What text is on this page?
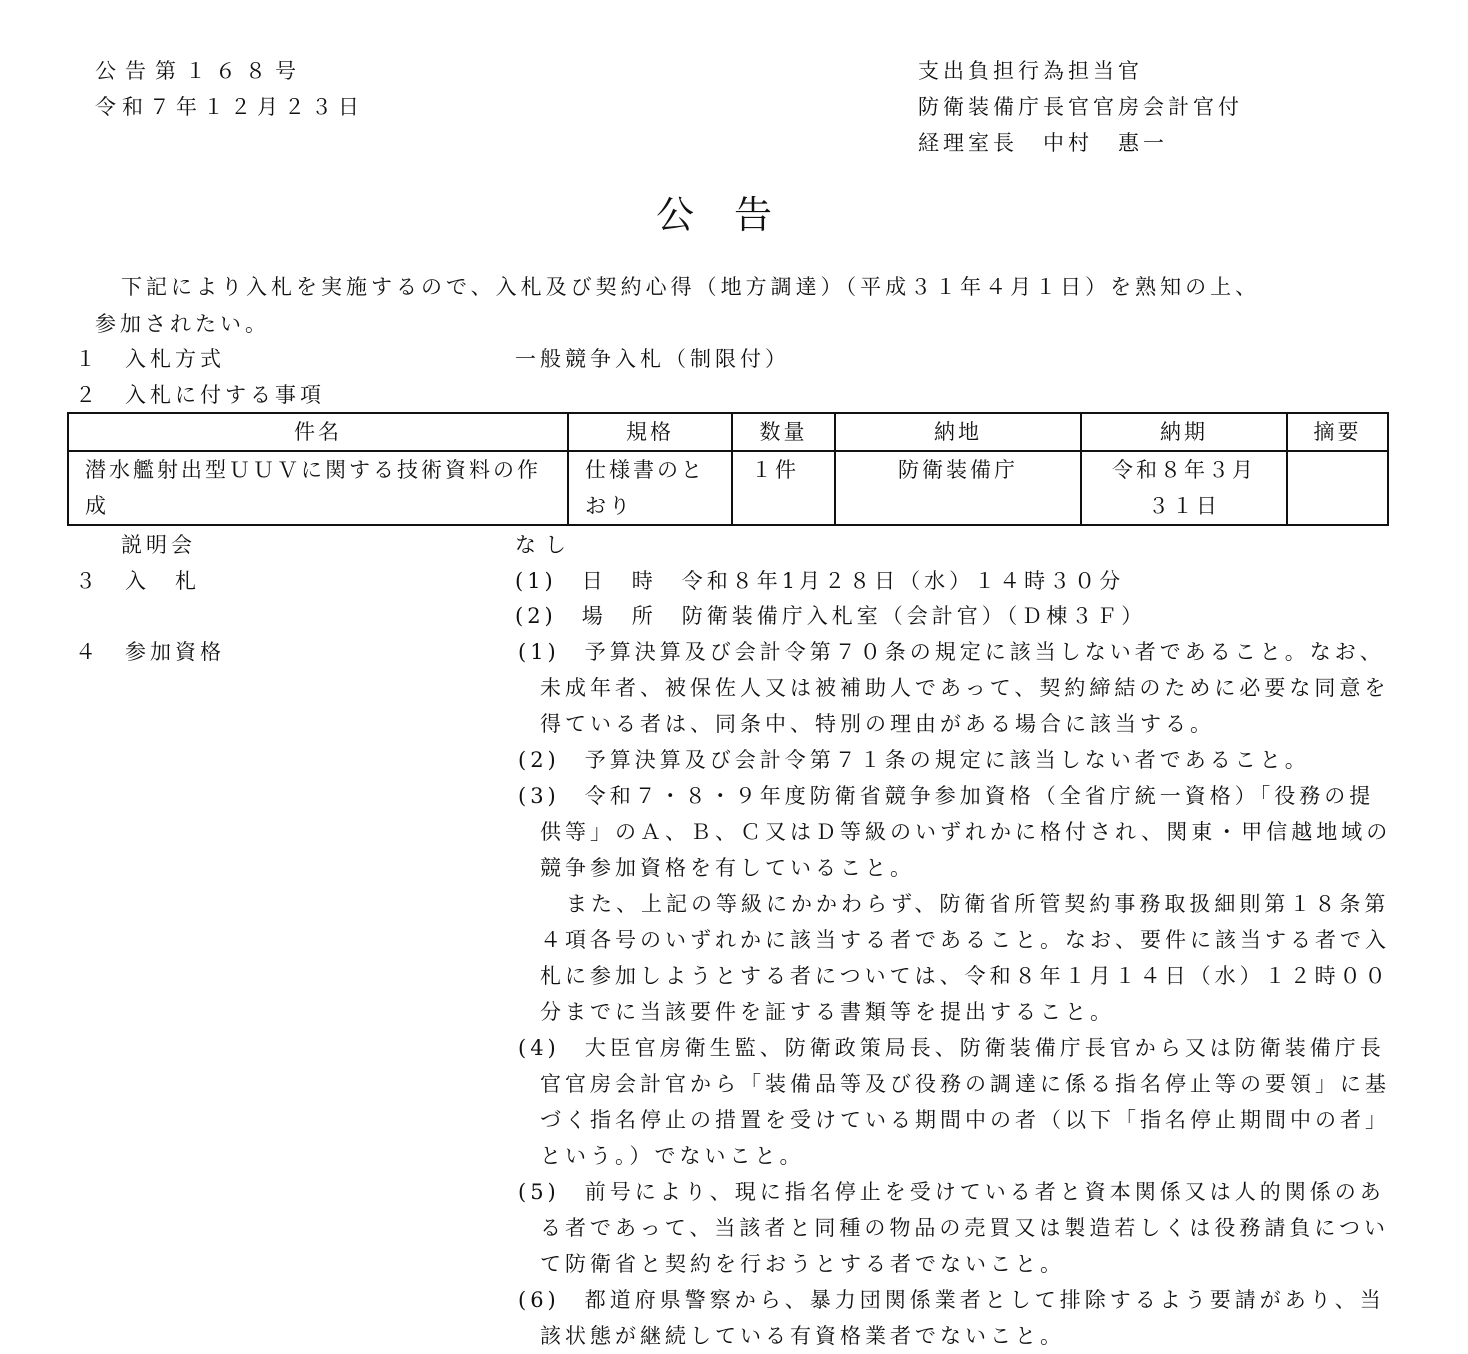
公告第１６８号
令和７年１２月２３日
支出負担行為担当官
防衛装備庁長官官房会計官付
経理室長　中村　惠一
公告
下記により入札を実施するので、入札及び契約心得（地方調達）（平成３１年４月１日）を熟知の上、
参加されたい。
１　入札方式	一般競争入札（制限付）
２　入札に付する事項
件名	規格	数量	納地	納期	摘要
潜水艦射出型ＵＵＶに関する技術資料の作成	仕様書のとおり	１件	防衛装備庁	令和８年３月３１日	
説明会	なし
３　入　札	(1)　日　時　令和８年1月２８日（水）１４時３０分
(2)　場　所　防衛装備庁入札室（会計官）（Ｄ棟３Ｆ）
４　参加資格	(1)　予算決算及び会計令第７０条の規定に該当しない者であること。なお、未成年者、被保佐人又は被補助人であって、契約締結のために必要な同意を得ている者は、同条中、特別の理由がある場合に該当する。

(2)　予算決算及び会計令第７１条の規定に該当しない者であること。

(3)　令和７・８・９年度防衛省競争参加資格（全省庁統一資格）「役務の提供等」のＡ、Ｂ、Ｃ又はＤ等級のいずれかに格付され、関東・甲信越地域の競争参加資格を有していること。

また、上記の等級にかかわらず、防衛省所管契約事務取扱細則第１８条第４項各号のいずれかに該当する者であること。なお、要件に該当する者で入札に参加しようとする者については、令和８年１月１４日（水）１２時００分までに当該要件を証する書類等を提出すること。

(4)　大臣官房衛生監、防衛政策局長、防衛装備庁長官から又は防衛装備庁長官官房会計官から「装備品等及び役務の調達に係る指名停止等の要領」に基づく指名停止の措置を受けている期間中の者（以下「指名停止期間中の者」という。）でないこと。

(5)　前号により、現に指名停止を受けている者と資本関係又は人的関係のある者であって、当該者と同種の物品の売買又は製造若しくは役務請負について防衛省と契約を行おうとする者でないこと。

(6)　都道府県警察から、暴力団関係業者として排除するよう要請があり、当該状態が継続している有資格業者でないこと。
